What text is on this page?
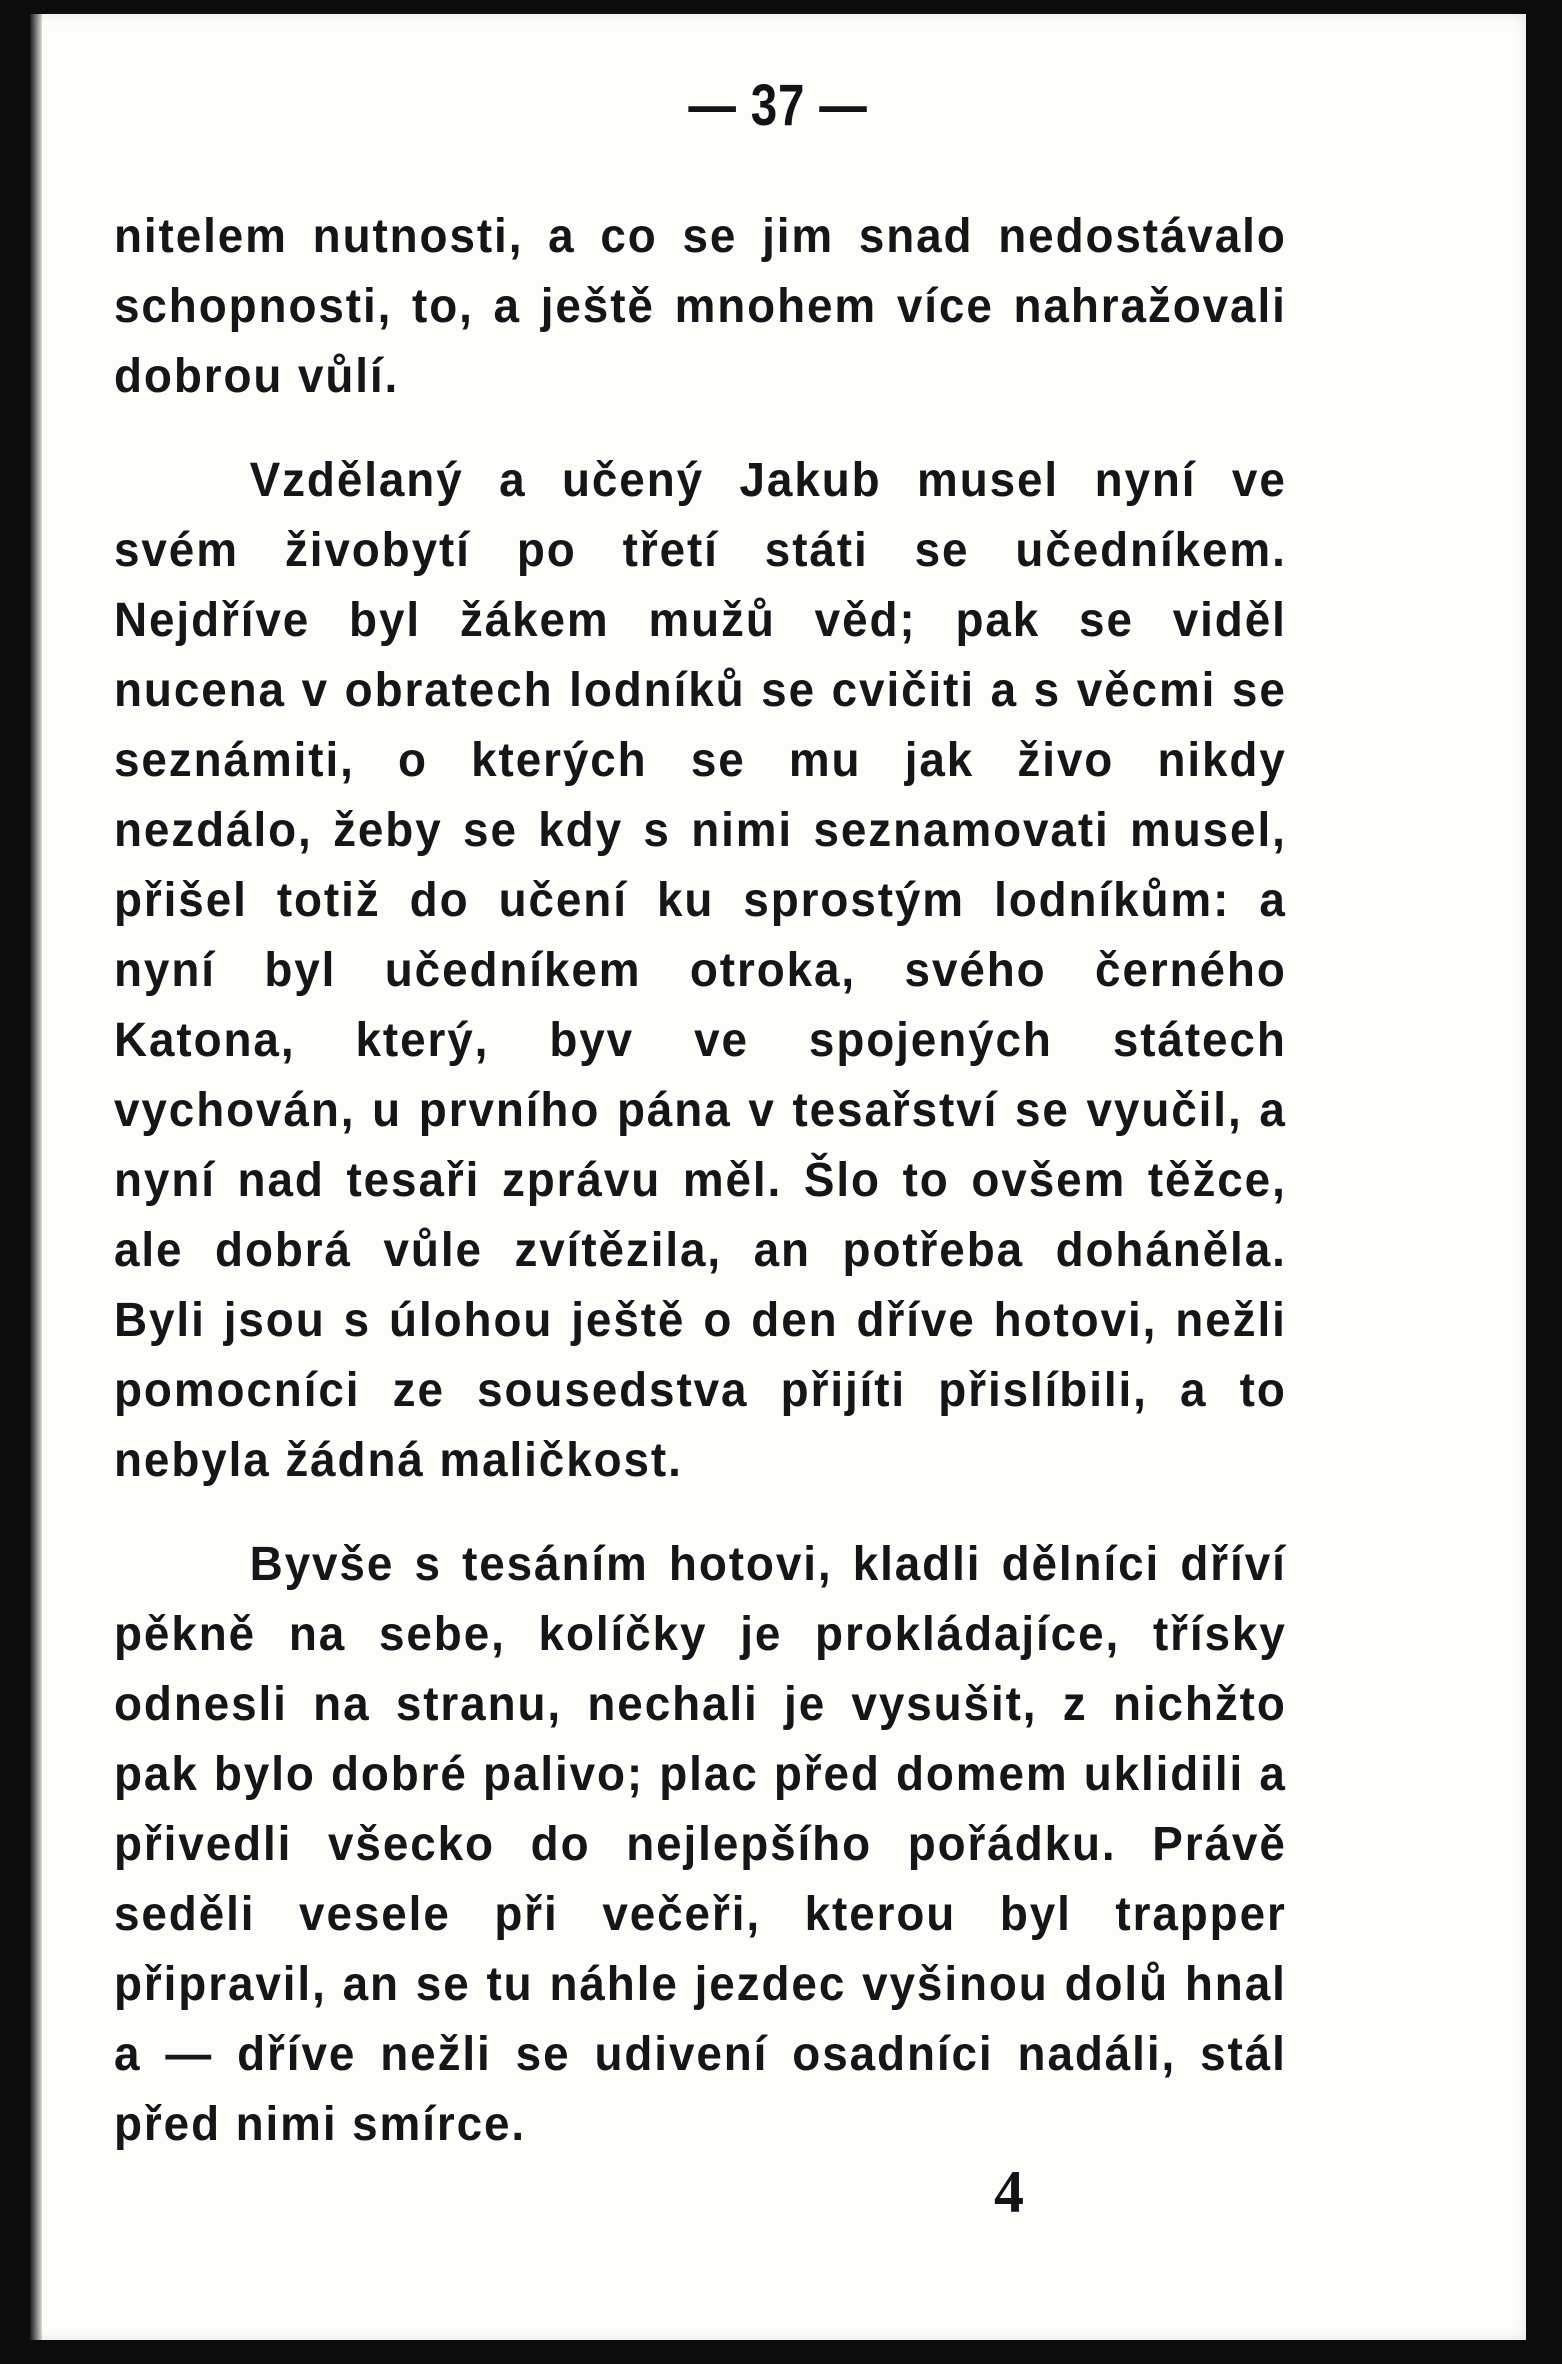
— 37 —

nitelem nutnosti, a co se jim snad nedostávalo schopnosti, to, a ještě mnohem více nahražovali dobrou vůlí.

Vzdělaný a učený Jakub musel nyní ve svém živobytí po třetí státi se učedníkem. Nejdříve byl žákem mužů věd; pak se viděl nucena v obratech lodníků se cvičiti a s věcmi se seznámiti, o kterých se mu jak živo nikdy nezdálo, žeby se kdy s nimi seznamovati musel, přišel totiž do učení ku sprostým lodníkům: a nyní byl učedníkem otroka, svého černého Katona, který, byv ve spojených státech vychován, u prvního pána v tesařství se vyučil, a nyní nad tesaři zprávu měl. Šlo to ovšem těžce, ale dobrá vůle zvítězila, an potřeba doháněla. Byli jsou s úlohou ještě o den dříve hotovi, nežli pomocníci ze sousedstva přijíti přislíbili, a to nebyla žádná maličkost.

Byvše s tesáním hotovi, kladli dělníci dříví pěkně na sebe, kolíčky je prokládajíce, třísky odnesli na stranu, nechali je vysušit, z nichžto pak bylo dobré palivo; plac před domem uklidili a přivedli všecko do nejlepšího pořádku. Právě seděli vesele při večeři, kterou byl trapper připravil, an se tu náhle jezdec vyšinou dolů hnal a — dříve nežli se udivení osadníci nadáli, stál před nimi smírce.

4
